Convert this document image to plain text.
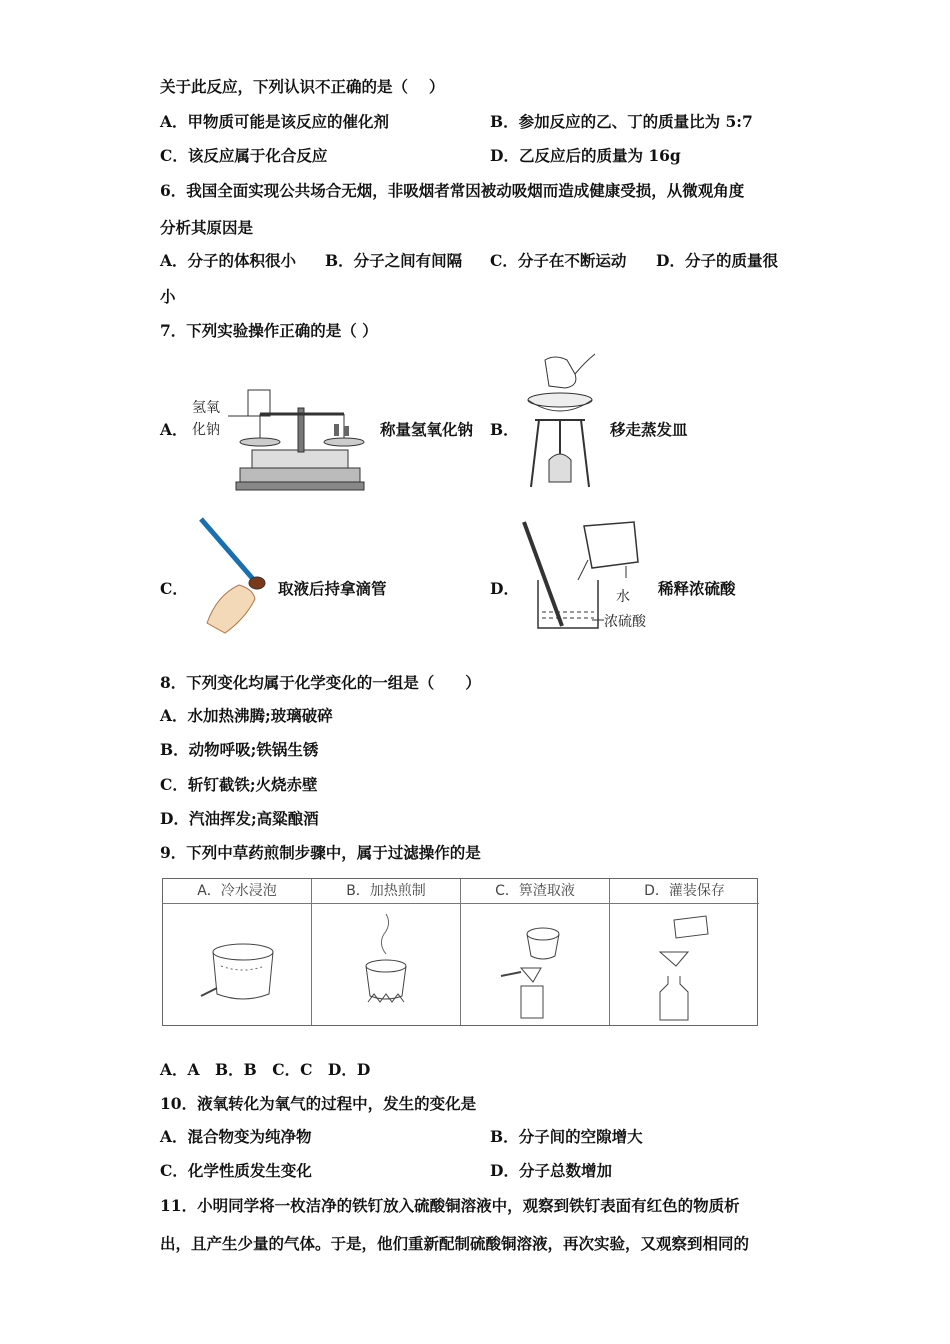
关于此反应，下列认识不正确的是（　 ）
A．甲物质可能是该反应的催化剂	B．参加反应的乙、丁的质量比为 5:7
C．该反应属于化合反应	D．乙反应后的质量为 16g
6．我国全面实现公共场合无烟，非吸烟者常因被动吸烟而造成健康受损，从微观角度
分析其原因是
A．分子的体积很小 B．分子之间有间隔 C．分子在不断运动 D．分子的质量很
小
7．下列实验操作正确的是（ ）
A．
氢氧
化钠	称量氢氧化钠 B．	移走蒸发皿
C．	取液后持拿滴管	D．	水
浓硫酸
稀释浓硫酸
8．下列变化均属于化学变化的一组是（　　）
A．水加热沸腾;玻璃破碎
B．动物呼吸;铁锅生锈
C．斩钉截铁;火烧赤壁
D．汽油挥发;高粱酿酒
9．下列中草药煎制步骤中，属于过滤操作的是
A．冷水浸泡	B．加热煎制	C．箅渣取液	D．灌装保存
A．A　B．B　C．C　D．D
10．液氧转化为氧气的过程中，发生的变化是
A．混合物变为纯净物	B．分子间的空隙增大
C．化学性质发生变化	D．分子总数增加
11．小明同学将一枚洁净的铁钉放入硫酸铜溶液中，观察到铁钉表面有红色的物质析
出，且产生少量的气体。于是，他们重新配制硫酸铜溶液，再次实验，又观察到相同的
